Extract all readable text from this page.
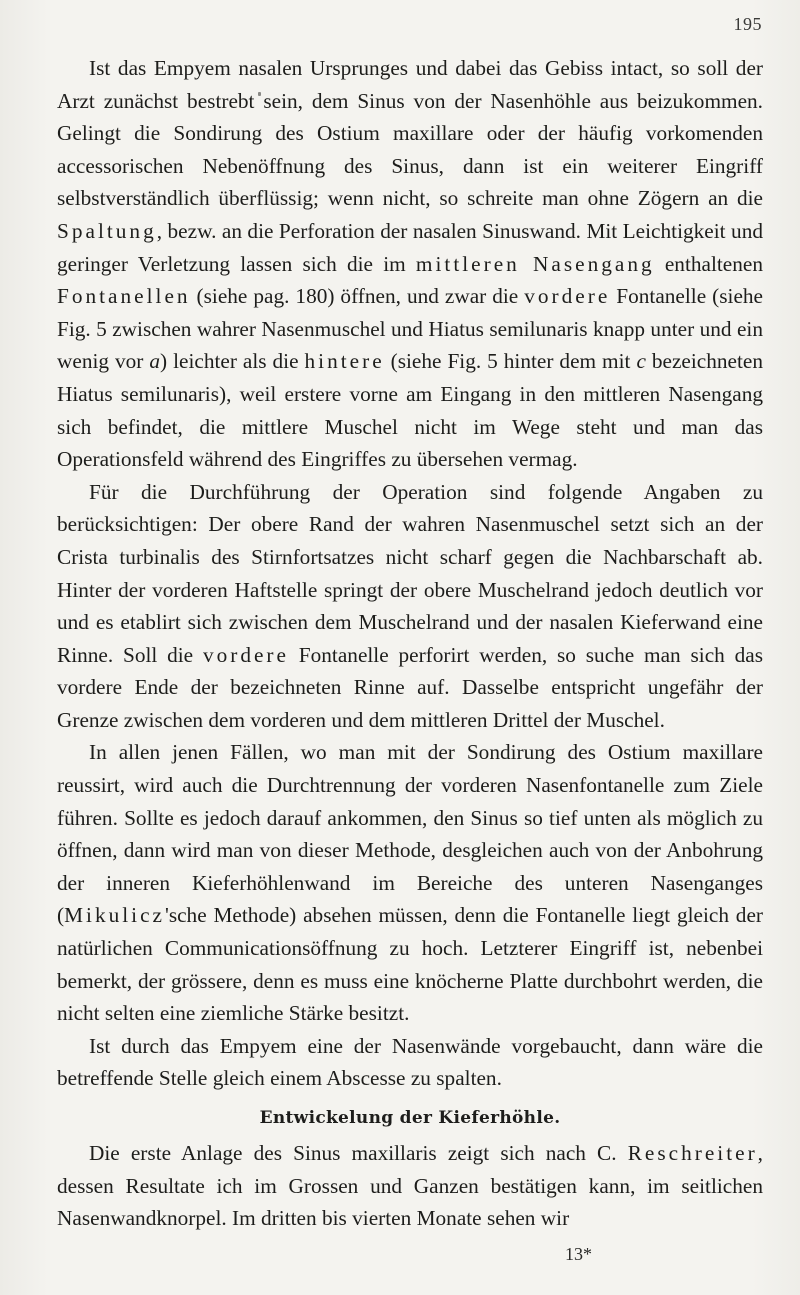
195

Ist das Empyem nasalen Ursprunges und dabei das Gebiss intact, so soll der Arzt zunächst bestrebt sein, dem Sinus von der Nasenhöhle aus beizukommen. Gelingt die Sondirung des Ostium maxillare oder der häufig vorkomenden accessorischen Nebenöffnung des Sinus, dann ist ein weiterer Eingriff selbstverständlich überflüssig; wenn nicht, so schreite man ohne Zögern an die Spaltung, bezw. an die Perforation der nasalen Sinuswand. Mit Leichtigkeit und geringer Verletzung lassen sich die im mittleren Nasengang enthaltenen Fontanellen (siehe pag. 180) öffnen, und zwar die vordere Fontanelle (siehe Fig. 5 zwischen wahrer Nasenmuschel und Hiatus semilunaris knapp unter und ein wenig vor a) leichter als die hintere (siehe Fig. 5 hinter dem mit c bezeichneten Hiatus semilunaris), weil erstere vorne am Eingang in den mittleren Nasengang sich befindet, die mittlere Muschel nicht im Wege steht und man das Operationsfeld während des Eingriffes zu übersehen vermag.

Für die Durchführung der Operation sind folgende Angaben zu berücksichtigen: Der obere Rand der wahren Nasenmuschel setzt sich an der Crista turbinalis des Stirnfortsatzes nicht scharf gegen die Nachbarschaft ab. Hinter der vorderen Haftstelle springt der obere Muschelrand jedoch deutlich vor und es etablirt sich zwischen dem Muschelrand und der nasalen Kieferwand eine Rinne. Soll die vordere Fontanelle perforirt werden, so suche man sich das vordere Ende der bezeichneten Rinne auf. Dasselbe entspricht ungefähr der Grenze zwischen dem vorderen und dem mittleren Drittel der Muschel.

In allen jenen Fällen, wo man mit der Sondirung des Ostium maxillare reussirt, wird auch die Durchtrennung der vorderen Nasenfontanelle zum Ziele führen. Sollte es jedoch darauf ankommen, den Sinus so tief unten als möglich zu öffnen, dann wird man von dieser Methode, desgleichen auch von der Anbohrung der inneren Kieferhöhlenwand im Bereiche des unteren Nasenganges (Mikulicz'sche Methode) absehen müssen, denn die Fontanelle liegt gleich der natürlichen Communicationsöffnung zu hoch. Letzterer Eingriff ist, nebenbei bemerkt, der grössere, denn es muss eine knöcherne Platte durchbohrt werden, die nicht selten eine ziemliche Stärke besitzt.

Ist durch das Empyem eine der Nasenwände vorgebaucht, dann wäre die betreffende Stelle gleich einem Abscesse zu spalten.

Entwickelung der Kieferhöhle.

Die erste Anlage des Sinus maxillaris zeigt sich nach C. Reschreiter, dessen Resultate ich im Grossen und Ganzen bestätigen kann, im seitlichen Nasenwandknorpel. Im dritten bis vierten Monate sehen wir

13*
